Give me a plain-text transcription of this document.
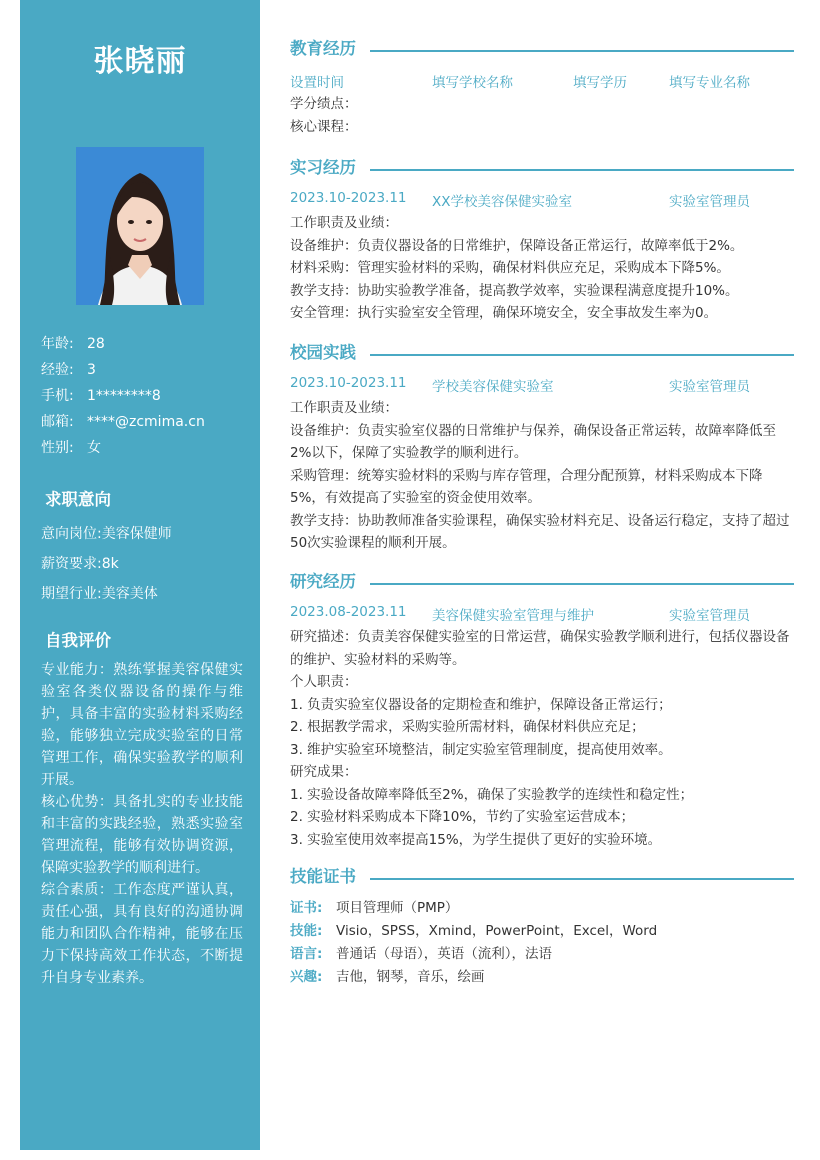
张晓丽
年龄: 28
经验: 3
手机: 1********8
邮箱: ****@zcmima.cn
性别: 女
求职意向
意向岗位:美容保健师
薪资要求:8k
期望行业:美容美体
自我评价

专业能力：熟练掌握美容保健实验室各类仪器设备的操作与维护，具备丰富的实验材料采购经验，能够独立完成实验室的日常管理工作，确保实验教学的顺利开展。

核心优势：具备扎实的专业技能和丰富的实践经验，熟悉实验室管理流程，能够有效协调资源，保障实验教学的顺利进行。

综合素质：工作态度严谨认真，责任心强，具有良好的沟通协调能力和团队合作精神，能够在压力下保持高效工作状态，不断提升自身专业素养。

教育经历
设置时间	填写学校名称	填写学历	填写专业名称

学分绩点：

核心课程：

实习经历
2023.10-2023.11 XX学校美容保健实验室	实验室管理员

工作职责及业绩：

设备维护：负责仪器设备的日常维护，保障设备正常运行，故障率低于2%。

材料采购：管理实验材料的采购，确保材料供应充足，采购成本下降5%。

教学支持：协助实验教学准备，提高教学效率，实验课程满意度提升10%。

安全管理：执行实验室安全管理，确保环境安全，安全事故发生率为0。

校园实践
2023.10-2023.11 学校美容保健实验室	实验室管理员

工作职责及业绩：

设备维护：负责实验室仪器的日常维护与保养，确保设备正常运转，故障率降低至2%以下，保障了实验教学的顺利进行。

采购管理：统筹实验材料的采购与库存管理，合理分配预算，材料采购成本下降5%，有效提高了实验室的资金使用效率。

教学支持：协助教师准备实验课程，确保实验材料充足、设备运行稳定，支持了超过50次实验课程的顺利开展。

研究经历
2023.08-2023.11 美容保健实验室管理与维护	实验室管理员

研究描述：负责美容保健实验室的日常运营，确保实验教学顺利进行，包括仪器设备的维护、实验材料的采购等。

个人职责：

1. 负责实验室仪器设备的定期检查和维护，保障设备正常运行；

2. 根据教学需求，采购实验所需材料，确保材料供应充足；

3. 维护实验室环境整洁，制定实验室管理制度，提高使用效率。

研究成果：

1. 实验设备故障率降低至2%，确保了实验教学的连续性和稳定性；

2. 实验材料采购成本下降10%，节约了实验室运营成本；

3. 实验室使用效率提高15%，为学生提供了更好的实验环境。

技能证书
证书: 项目管理师（PMP）
技能: Visio，SPSS，Xmind，PowerPoint，Excel，Word
语言: 普通话（母语），英语（流利），法语
兴趣: 吉他，钢琴，音乐，绘画
